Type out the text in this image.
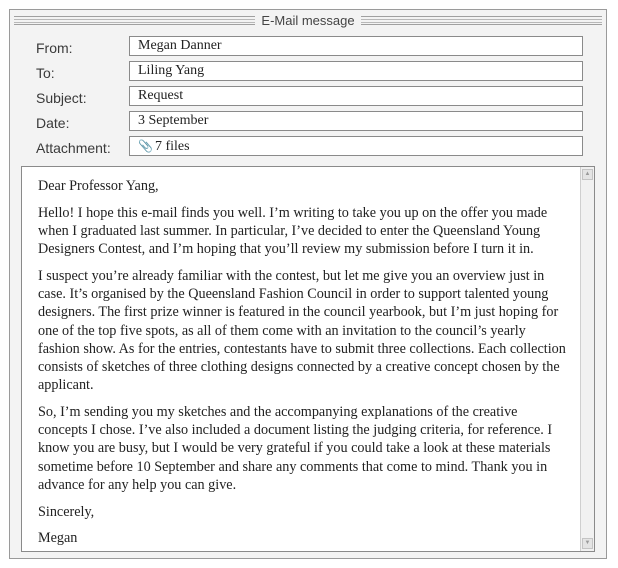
E-Mail message
From:	Megan Danner
To:	Liling Yang
Subject:	Request
Date:	3 September
Attachment:	📎 7 files

Dear Professor Yang,

Hello! I hope this e-mail finds you well. I’m writing to take you up on the offer you made when I graduated last summer. In particular, I’ve decided to enter the Queensland Young Designers Contest, and I’m hoping that you’ll review my submission before I turn it in.

I suspect you’re already familiar with the contest, but let me give you an overview just in case. It’s organised by the Queensland Fashion Council in order to support talented young designers. The first prize winner is featured in the council yearbook, but I’m just hoping for one of the top five spots, as all of them come with an invitation to the council’s yearly fashion show. As for the entries, contestants have to submit three collections. Each collection consists of sketches of three clothing designs connected by a creative concept chosen by the applicant.

So, I’m sending you my sketches and the accompanying explanations of the creative concepts I chose. I’ve also included a document listing the judging criteria, for reference. I know you are busy, but I would be very grateful if you could take a look at these materials sometime before 10 September and share any comments that come to mind. Thank you in advance for any help you can give.

Sincerely,

Megan

▲
▼
